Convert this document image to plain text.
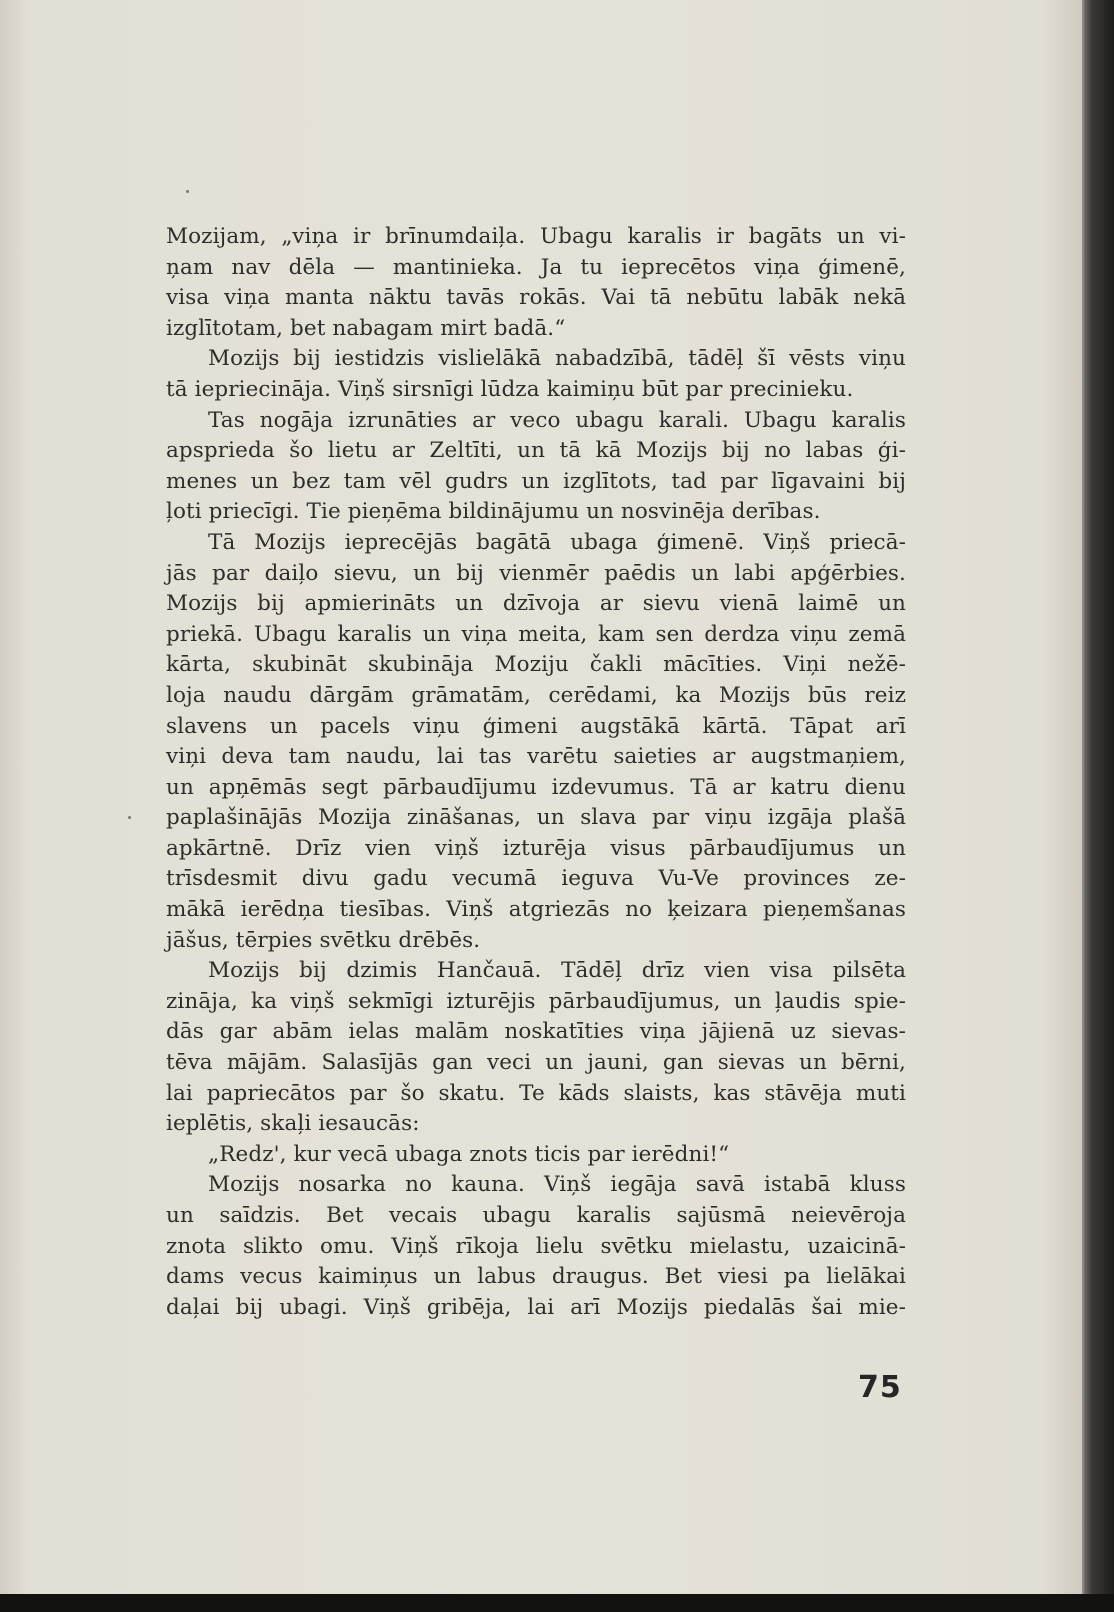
Mozijam, „viņa ir brīnumdaiļa. Ubagu karalis ir bagāts un vi-
ņam nav dēla — mantinieka. Ja tu ieprecētos viņa ģimenē,
visa viņa manta nāktu tavās rokās. Vai tā nebūtu labāk nekā
izglītotam, bet nabagam mirt badā.“
Mozijs bij iestidzis vislielākā nabadzībā, tādēļ šī vēsts viņu
tā iepriecināja. Viņš sirsnīgi lūdza kaimiņu būt par precinieku.
Tas nogāja izrunāties ar veco ubagu karali. Ubagu karalis
apsprieda šo lietu ar Zeltīti, un tā kā Mozijs bij no labas ģi-
menes un bez tam vēl gudrs un izglītots, tad par līgavaini bij
ļoti priecīgi. Tie pieņēma bildinājumu un nosvinēja derības.
Tā Mozijs ieprecējās bagātā ubaga ģimenē. Viņš priecā-
jās par daiļo sievu, un bij vienmēr paēdis un labi apģērbies.
Mozijs bij apmierināts un dzīvoja ar sievu vienā laimē un
priekā. Ubagu karalis un viņa meita, kam sen derdza viņu zemā
kārta, skubināt skubināja Moziju čakli mācīties. Viņi nežē-
loja naudu dārgām grāmatām, cerēdami, ka Mozijs būs reiz
slavens un pacels viņu ģimeni augstākā kārtā. Tāpat arī
viņi deva tam naudu, lai tas varētu saieties ar augstmaņiem,
un apņēmās segt pārbaudījumu izdevumus. Tā ar katru dienu
paplašinājās Mozija zināšanas, un slava par viņu izgāja plašā
apkārtnē. Drīz vien viņš izturēja visus pārbaudījumus un
trīsdesmit divu gadu vecumā ieguva Vu-Ve provinces ze-
mākā ierēdņa tiesības. Viņš atgriezās no ķeizara pieņemšanas
jāšus, tērpies svētku drēbēs.
Mozijs bij dzimis Hančauā. Tādēļ drīz vien visa pilsēta
zināja, ka viņš sekmīgi izturējis pārbaudījumus, un ļaudis spie-
dās gar abām ielas malām noskatīties viņa jājienā uz sievas-
tēva mājām. Salasījās gan veci un jauni, gan sievas un bērni,
lai papriecātos par šo skatu. Te kāds slaists, kas stāvēja muti
ieplētis, skaļi iesaucās:
„Redz', kur vecā ubaga znots ticis par ierēdni!“
Mozijs nosarka no kauna. Viņš iegāja savā istabā kluss
un saīdzis. Bet vecais ubagu karalis sajūsmā neievēroja
znota slikto omu. Viņš rīkoja lielu svētku mielastu, uzaicinā-
dams vecus kaimiņus un labus draugus. Bet viesi pa lielākai
daļai bij ubagi. Viņš gribēja, lai arī Mozijs piedalās šai mie-
75
